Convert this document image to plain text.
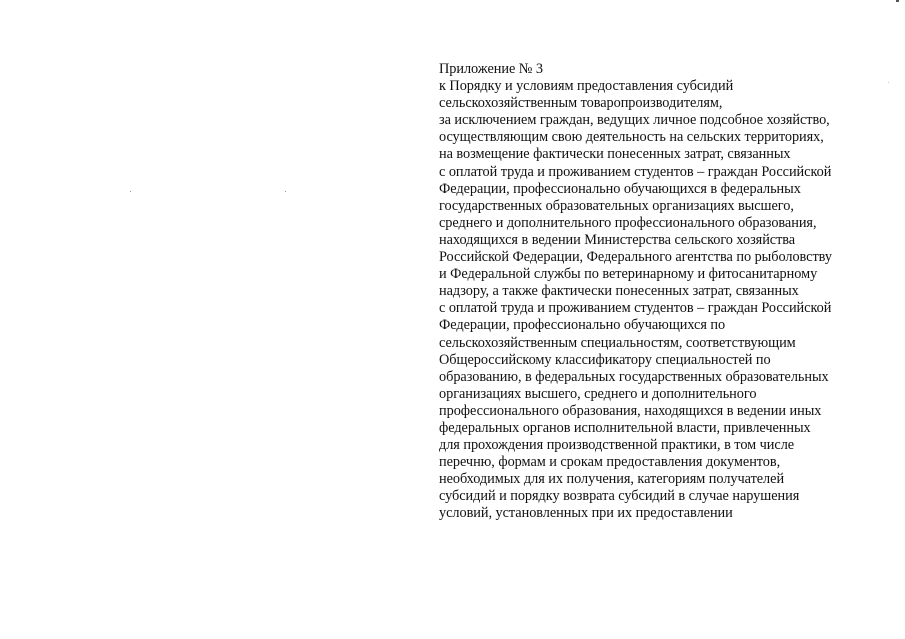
Приложение № 3
к Порядку и условиям предоставления субсидий
сельскохозяйственным товаропроизводителям,
за исключением граждан, ведущих личное подсобное хозяйство,
осуществляющим свою деятельность на сельских территориях,
на возмещение фактически понесенных затрат, связанных
с оплатой труда и проживанием студентов – граждан Российской
Федерации, профессионально обучающихся в федеральных
государственных образовательных организациях высшего,
среднего и дополнительного профессионального образования,
находящихся в ведении Министерства сельского хозяйства
Российской Федерации, Федерального агентства по рыболовству
и Федеральной службы по ветеринарному и фитосанитарному
надзору, а также фактически понесенных затрат, связанных
с оплатой труда и проживанием студентов – граждан Российской
Федерации, профессионально обучающихся по
сельскохозяйственным специальностям, соответствующим
Общероссийскому классификатору специальностей по
образованию, в федеральных государственных образовательных
организациях высшего, среднего и дополнительного
профессионального образования, находящихся в ведении иных
федеральных органов исполнительной власти, привлеченных
для прохождения производственной практики, в том числе
перечню, формам и срокам предоставления документов,
необходимых для их получения, категориям получателей
субсидий и порядку возврата субсидий в случае нарушения
условий, установленных при их предоставлении
